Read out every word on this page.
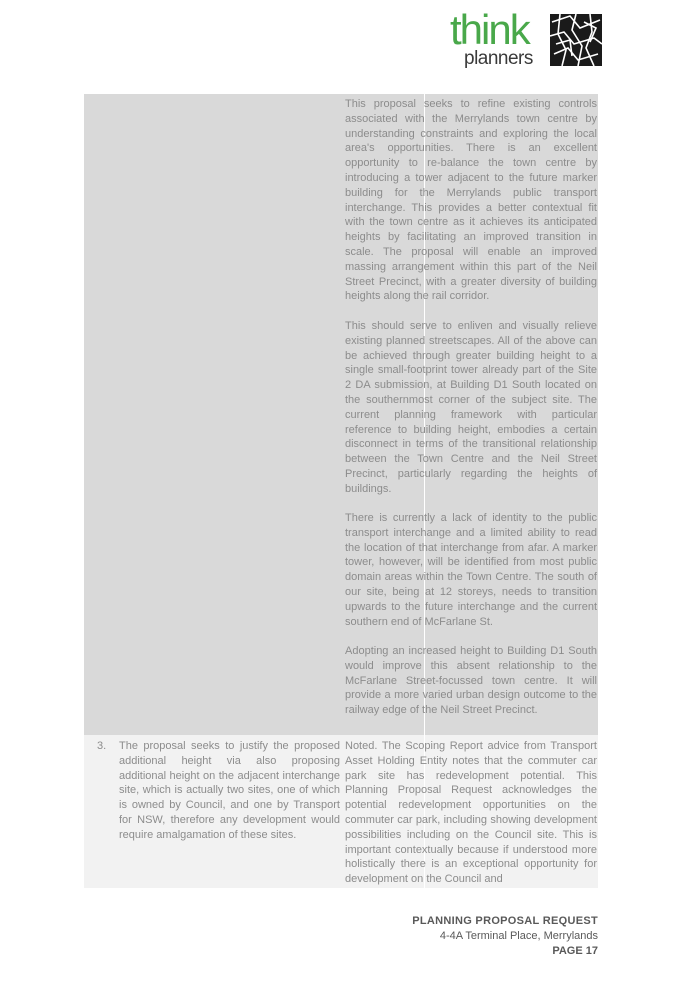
think
planners

This proposal seeks to refine existing controls associated with the Merrylands town centre by understanding constraints and exploring the local area's opportunities. There is an excellent opportunity to re-balance the town centre by introducing a tower adjacent to the future marker building for the Merrylands public transport interchange. This provides a better contextual fit with the town centre as it achieves its anticipated heights by facilitating an improved transition in scale. The proposal will enable an improved massing arrangement within this part of the Neil Street Precinct, with a greater diversity of building heights along the rail corridor.

This should serve to enliven and visually relieve existing planned streetscapes. All of the above can be achieved through greater building height to a single small-footprint tower already part of the Site 2 DA submission, at Building D1 South located on the southernmost corner of the subject site. The current planning framework with particular reference to building height, embodies a certain disconnect in terms of the transitional relationship between the Town Centre and the Neil Street Precinct, particularly regarding the heights of buildings.

There is currently a lack of identity to the public transport interchange and a limited ability to read the location of that interchange from afar. A marker tower, however, will be identified from most public domain areas within the Town Centre. The south of our site, being at 12 storeys, needs to transition upwards to the future interchange and the current southern end of McFarlane St.

Adopting an increased height to Building D1 South would improve this absent relationship to the McFarlane Street-focussed town centre. It will provide a more varied urban design outcome to the railway edge of the Neil Street Precinct.

3. The proposal seeks to justify the proposed additional height via also proposing additional height on the adjacent interchange site, which is actually two sites, one of which is owned by Council, and one by Transport for NSW, therefore any development would require amalgamation of these sites.

Noted. The Scoping Report advice from Transport Asset Holding Entity notes that the commuter car park site has redevelopment potential. This Planning Proposal Request acknowledges the potential redevelopment opportunities on the commuter car park, including showing development possibilities including on the Council site. This is important contextually because if understood more holistically there is an exceptional opportunity for development on the Council and

PLANNING PROPOSAL REQUEST
4-4A Terminal Place, Merrylands
PAGE 17
